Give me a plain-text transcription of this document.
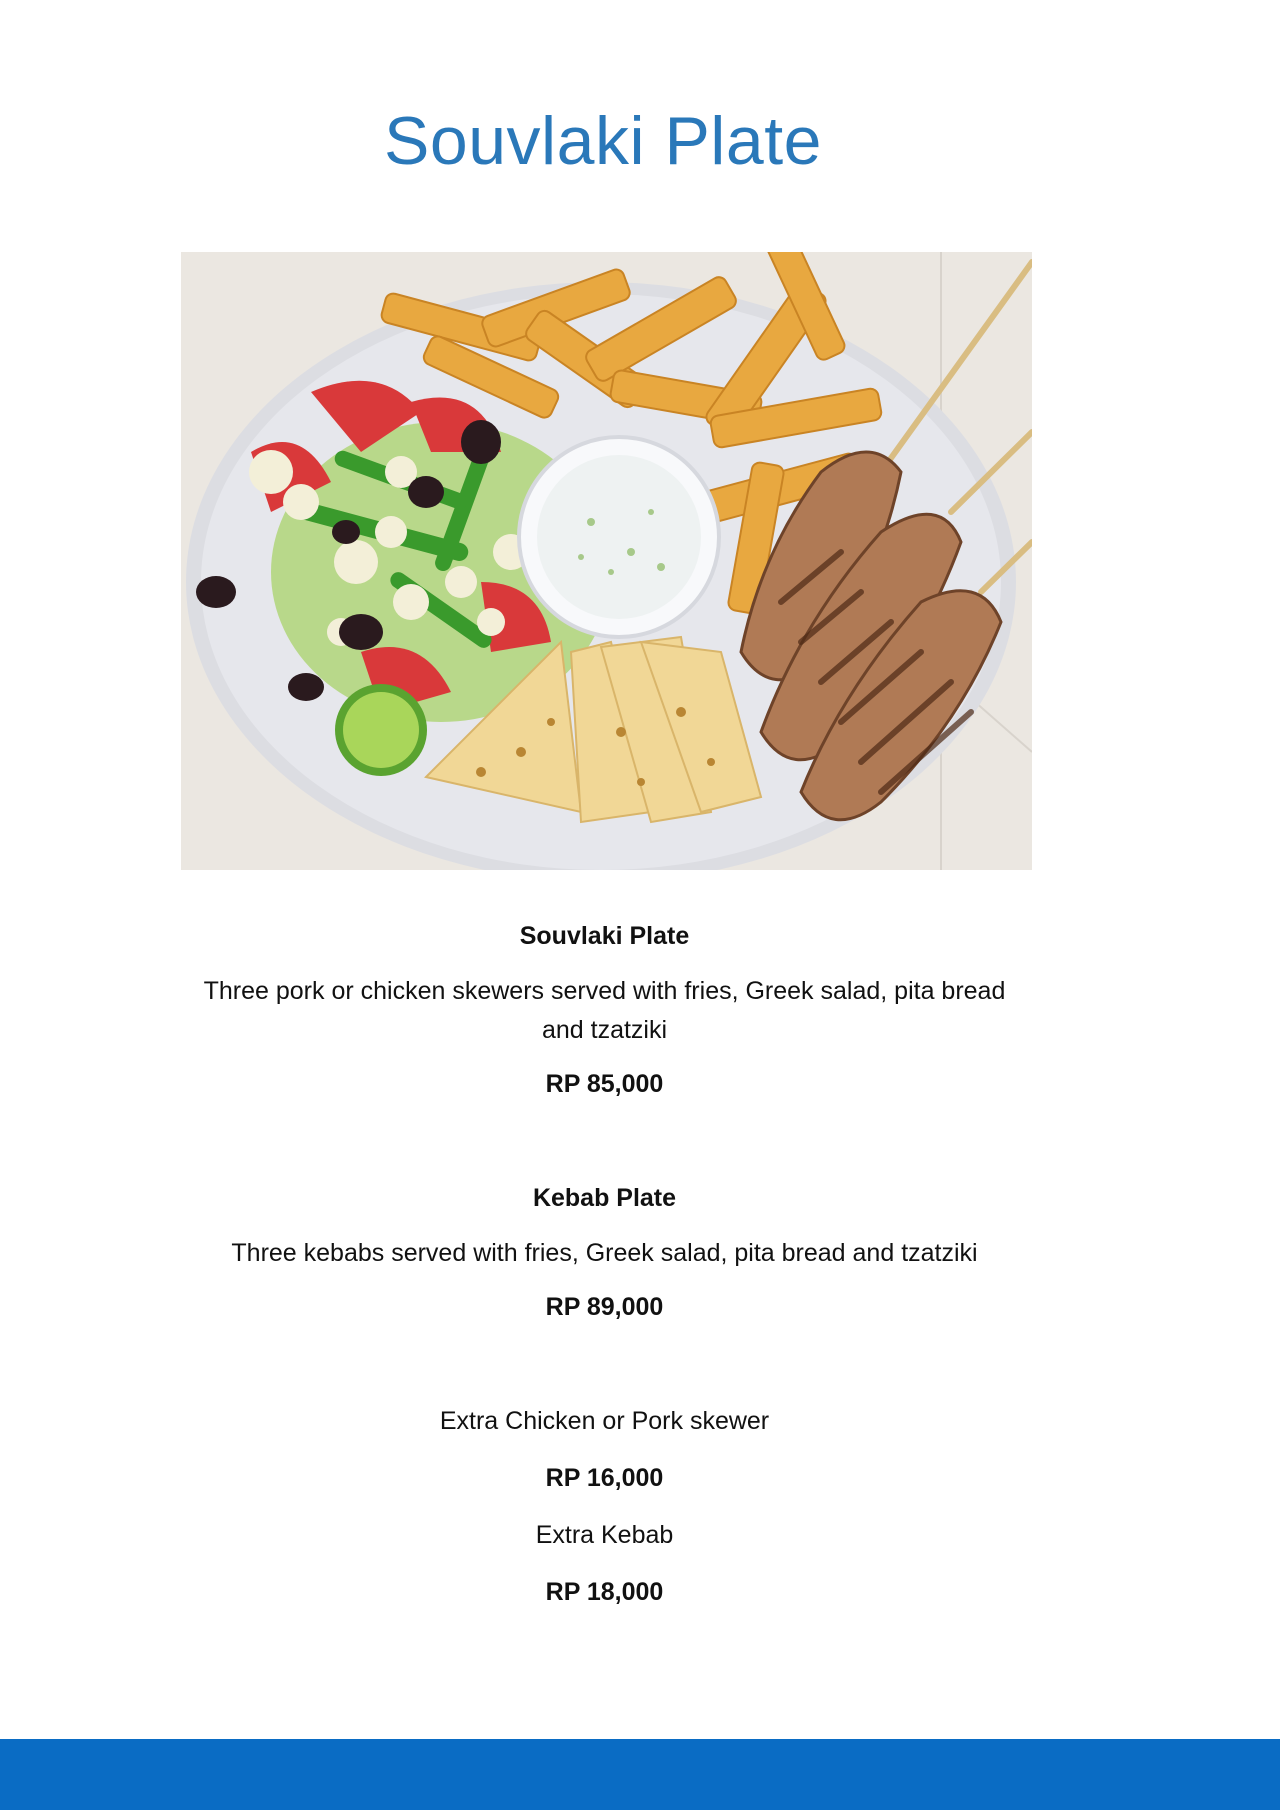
Souvlaki Plate

Souvlaki Plate

Three pork or chicken skewers served with fries, Greek salad, pita bread and tzatziki

RP 85,000

Kebab Plate

Three kebabs served with fries, Greek salad, pita bread and tzatziki

RP 89,000

Extra Chicken or Pork skewer

RP 16,000

Extra Kebab

RP 18,000
